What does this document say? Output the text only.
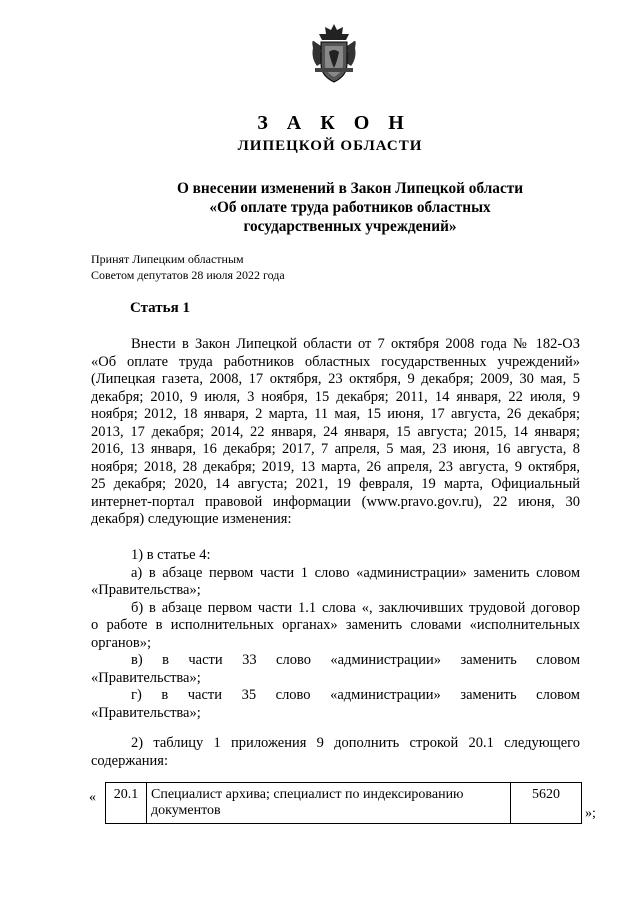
З А К О Н
ЛИПЕЦКОЙ ОБЛАСТИ
О внесении изменений в Закон Липецкой области
«Об оплате труда работников областных
государственных учреждений»
Принят Липецким областным
Советом депутатов 28 июля 2022 года
Статья 1
Внести в Закон Липецкой области от 7 октября 2008 года № 182-ОЗ
«Об оплате труда работников областных государственных учреждений»
(Липецкая газета, 2008, 17 октября, 23 октября, 9 декабря; 2009, 30 мая, 5
декабря; 2010, 9 июля, 3 ноября, 15 декабря; 2011, 14 января, 22 июля, 9
ноября; 2012, 18 января, 2 марта, 11 мая, 15 июня, 17 августа, 26 декабря;
2013, 17 декабря; 2014, 22 января, 24 января, 15 августа; 2015, 14 января;
2016, 13 января, 16 декабря; 2017, 7 апреля, 5 мая, 23 июня, 16 августа, 8
ноября; 2018, 28 декабря; 2019, 13 марта, 26 апреля, 23 августа, 9 октября,
25 декабря; 2020, 14 августа; 2021, 19 февраля, 19 марта, Официальный
интернет-портал правовой информации (www.pravo.gov.ru), 22 июня, 30
декабря) следующие изменения:
1) в статье 4:
а) в абзаце первом части 1 слово «администрации» заменить словом
«Правительства»;
б) в абзаце первом части 1.1 слова «, заключивших трудовой договор
о работе в исполнительных органах» заменить словами «исполнительных
органов»;
в) в части 33 слово «администрации» заменить словом
«Правительства»;
г) в части 35 слово «администрации» заменить словом
«Правительства»;
2) таблицу 1 приложения 9 дополнить строкой 20.1 следующего
содержания:
« 20.1	Специалист архива; специалист по индексированию документов	5620
»;
